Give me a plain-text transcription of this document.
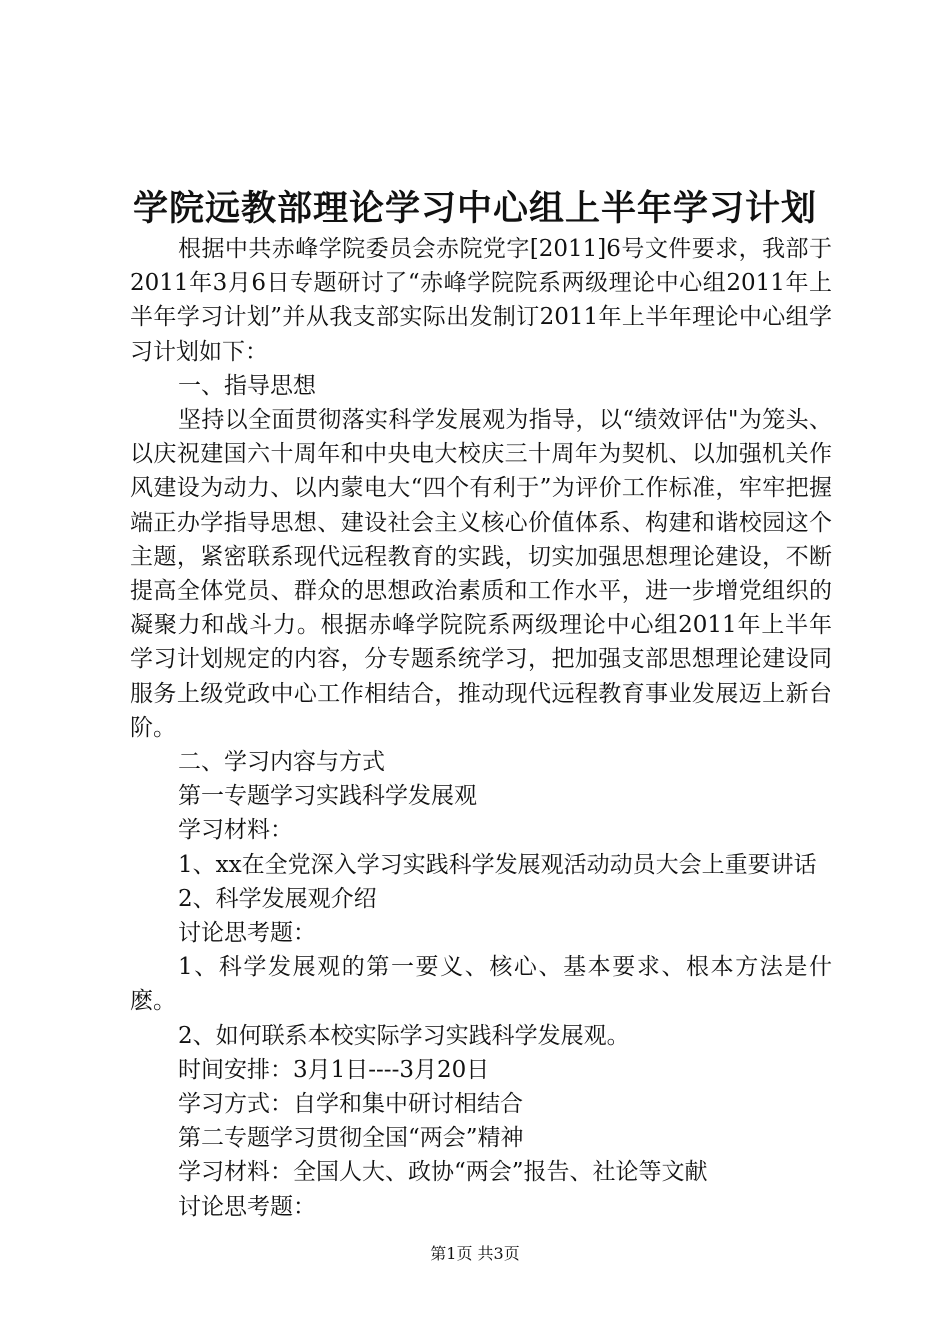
学院远教部理论学习中心组上半年学习计划

根据中共赤峰学院委员会赤院党字[2011]6号文件要求，我部于2011年3月6日专题研讨了“赤峰学院院系两级理论中心组2011年上半年学习计划”并从我支部实际出发制订2011年上半年理论中心组学习计划如下：

一、指导思想

坚持以全面贯彻落实科学发展观为指导，以“绩效评估"为笼头、以庆祝建国六十周年和中央电大校庆三十周年为契机、以加强机关作风建设为动力、以内蒙电大“四个有利于”为评价工作标准，牢牢把握端正办学指导思想、建设社会主义核心价值体系、构建和谐校园这个主题，紧密联系现代远程教育的实践，切实加强思想理论建设，不断提高全体党员、群众的思想政治素质和工作水平，进一步增党组织的凝聚力和战斗力。根据赤峰学院院系两级理论中心组2011年上半年学习计划规定的内容，分专题系统学习，把加强支部思想理论建设同服务上级党政中心工作相结合，推动现代远程教育事业发展迈上新台阶。

二、学习内容与方式

第一专题学习实践科学发展观

学习材料：

1、xx在全党深入学习实践科学发展观活动动员大会上重要讲话

2、科学发展观介绍

讨论思考题：

1、科学发展观的第一要义、核心、基本要求、根本方法是什麽。

2、如何联系本校实际学习实践科学发展观。

时间安排：3月1日----3月20日

学习方式：自学和集中研讨相结合

第二专题学习贯彻全国“两会”精神

学习材料：全国人大、政协“两会”报告、社论等文献

讨论思考题：

第1页 共3页
